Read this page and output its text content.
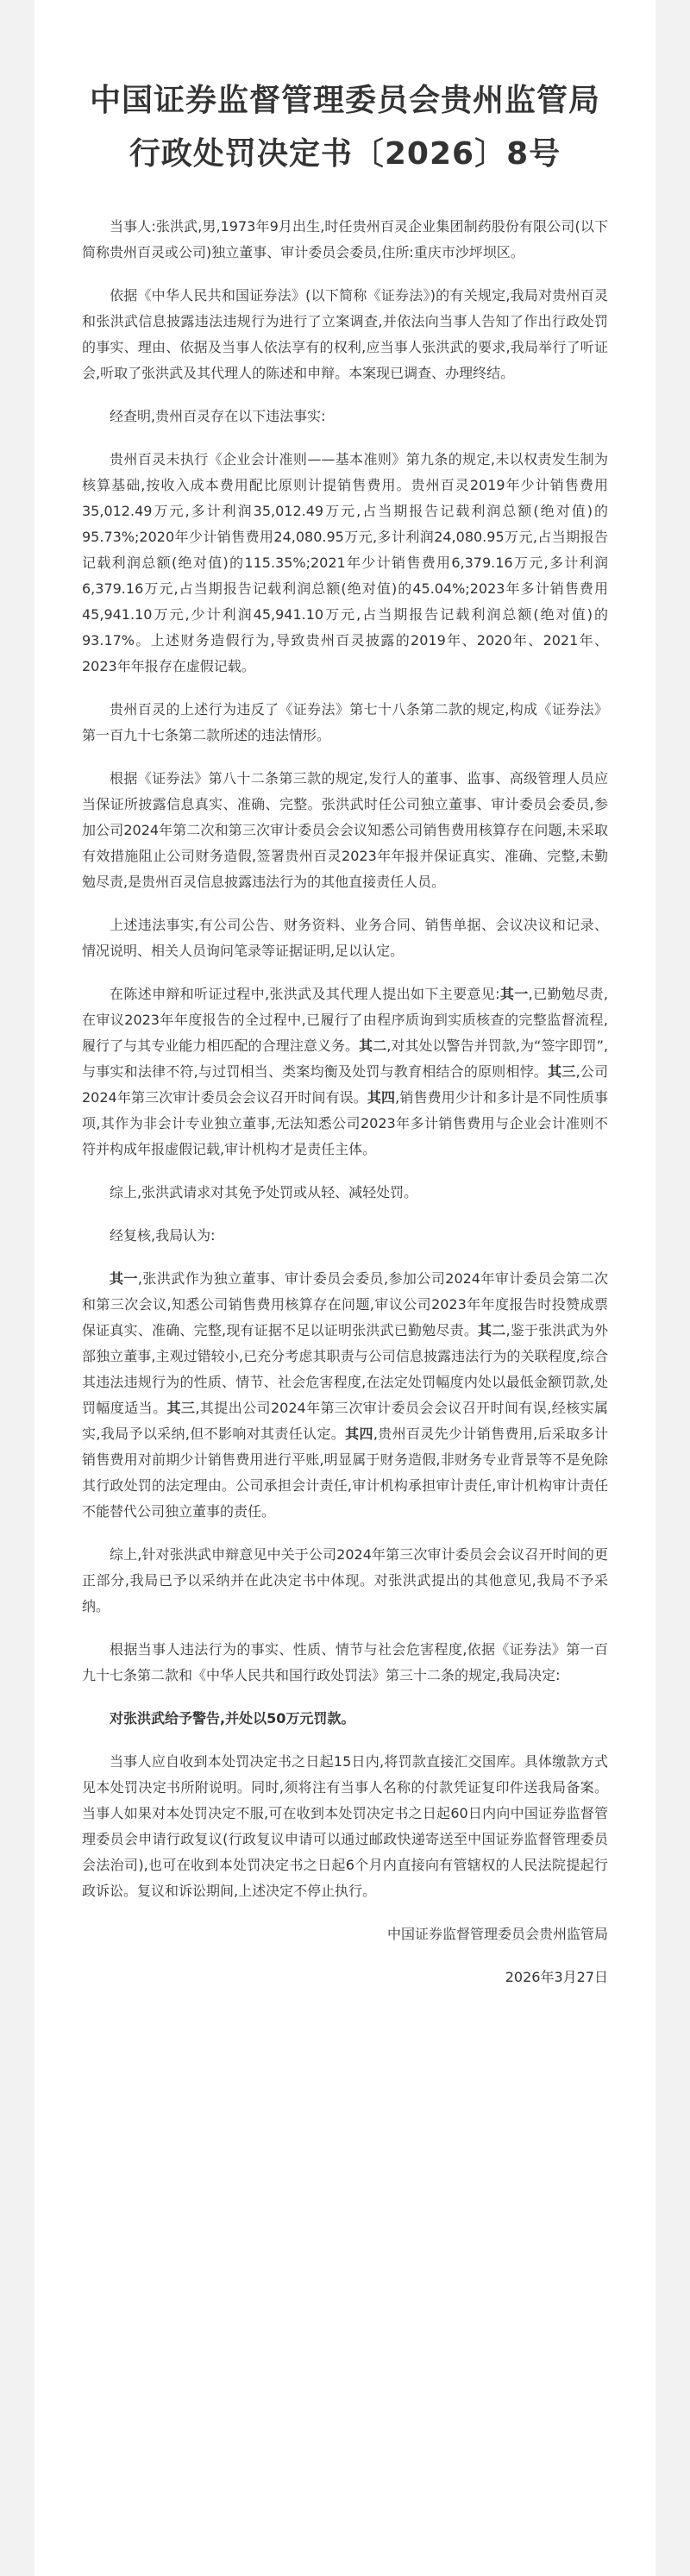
中国证券监督管理委员会贵州监管局行政处罚决定书〔2026〕8号

当事人:张洪武,男,1973年9月出生,时任贵州百灵企业集团制药股份有限公司(以下简称贵州百灵或公司)独立董事、审计委员会委员,住所:重庆市沙坪坝区。

依据《中华人民共和国证券法》(以下简称《证券法》)的有关规定,我局对贵州百灵和张洪武信息披露违法违规行为进行了立案调查,并依法向当事人告知了作出行政处罚的事实、理由、依据及当事人依法享有的权利,应当事人张洪武的要求,我局举行了听证会,听取了张洪武及其代理人的陈述和申辩。本案现已调查、办理终结。

经查明,贵州百灵存在以下违法事实:

贵州百灵未执行《企业会计准则——基本准则》第九条的规定,未以权责发生制为核算基础,按收入成本费用配比原则计提销售费用。贵州百灵2019年少计销售费用35,012.49万元,多计利润35,012.49万元,占当期报告记载利润总额(绝对值)的95.73%;2020年少计销售费用24,080.95万元,多计利润24,080.95万元,占当期报告记载利润总额(绝对值)的115.35%;2021年少计销售费用6,379.16万元,多计利润6,379.16万元,占当期报告记载利润总额(绝对值)的45.04%;2023年多计销售费用45,941.10万元,少计利润45,941.10万元,占当期报告记载利润总额(绝对值)的93.17%。上述财务造假行为,导致贵州百灵披露的2019年、2020年、2021年、2023年年报存在虚假记载。

贵州百灵的上述行为违反了《证券法》第七十八条第二款的规定,构成《证券法》第一百九十七条第二款所述的违法情形。

根据《证券法》第八十二条第三款的规定,发行人的董事、监事、高级管理人员应当保证所披露信息真实、准确、完整。张洪武时任公司独立董事、审计委员会委员,参加公司2024年第二次和第三次审计委员会会议知悉公司销售费用核算存在问题,未采取有效措施阻止公司财务造假,签署贵州百灵2023年年报并保证真实、准确、完整,未勤勉尽责,是贵州百灵信息披露违法行为的其他直接责任人员。

上述违法事实,有公司公告、财务资料、业务合同、销售单据、会议决议和记录、情况说明、相关人员询问笔录等证据证明,足以认定。

在陈述申辩和听证过程中,张洪武及其代理人提出如下主要意见:其一,已勤勉尽责,在审议2023年年度报告的全过程中,已履行了由程序质询到实质核查的完整监督流程,履行了与其专业能力相匹配的合理注意义务。其二,对其处以警告并罚款,为“签字即罚”,与事实和法律不符,与过罚相当、类案均衡及处罚与教育相结合的原则相悖。其三,公司2024年第三次审计委员会会议召开时间有误。其四,销售费用少计和多计是不同性质事项,其作为非会计专业独立董事,无法知悉公司2023年多计销售费用与企业会计准则不符并构成年报虚假记载,审计机构才是责任主体。

综上,张洪武请求对其免予处罚或从轻、减轻处罚。

经复核,我局认为:

其一,张洪武作为独立董事、审计委员会委员,参加公司2024年审计委员会第二次和第三次会议,知悉公司销售费用核算存在问题,审议公司2023年年度报告时投赞成票保证真实、准确、完整,现有证据不足以证明张洪武已勤勉尽责。其二,鉴于张洪武为外部独立董事,主观过错较小,已充分考虑其职责与公司信息披露违法行为的关联程度,综合其违法违规行为的性质、情节、社会危害程度,在法定处罚幅度内处以最低金额罚款,处罚幅度适当。其三,其提出公司2024年第三次审计委员会会议召开时间有误,经核实属实,我局予以采纳,但不影响对其责任认定。其四,贵州百灵先少计销售费用,后采取多计销售费用对前期少计销售费用进行平账,明显属于财务造假,非财务专业背景等不是免除其行政处罚的法定理由。公司承担会计责任,审计机构承担审计责任,审计机构审计责任不能替代公司独立董事的责任。

综上,针对张洪武申辩意见中关于公司2024年第三次审计委员会会议召开时间的更正部分,我局已予以采纳并在此决定书中体现。对张洪武提出的其他意见,我局不予采纳。

根据当事人违法行为的事实、性质、情节与社会危害程度,依据《证券法》第一百九十七条第二款和《中华人民共和国行政处罚法》第三十二条的规定,我局决定:

对张洪武给予警告,并处以50万元罚款。

当事人应自收到本处罚决定书之日起15日内,将罚款直接汇交国库。具体缴款方式见本处罚决定书所附说明。同时,须将注有当事人名称的付款凭证复印件送我局备案。当事人如果对本处罚决定不服,可在收到本处罚决定书之日起60日内向中国证券监督管理委员会申请行政复议(行政复议申请可以通过邮政快递寄送至中国证券监督管理委员会法治司),也可在收到本处罚决定书之日起6个月内直接向有管辖权的人民法院提起行政诉讼。复议和诉讼期间,上述决定不停止执行。

中国证券监督管理委员会贵州监管局
2026年3月27日
